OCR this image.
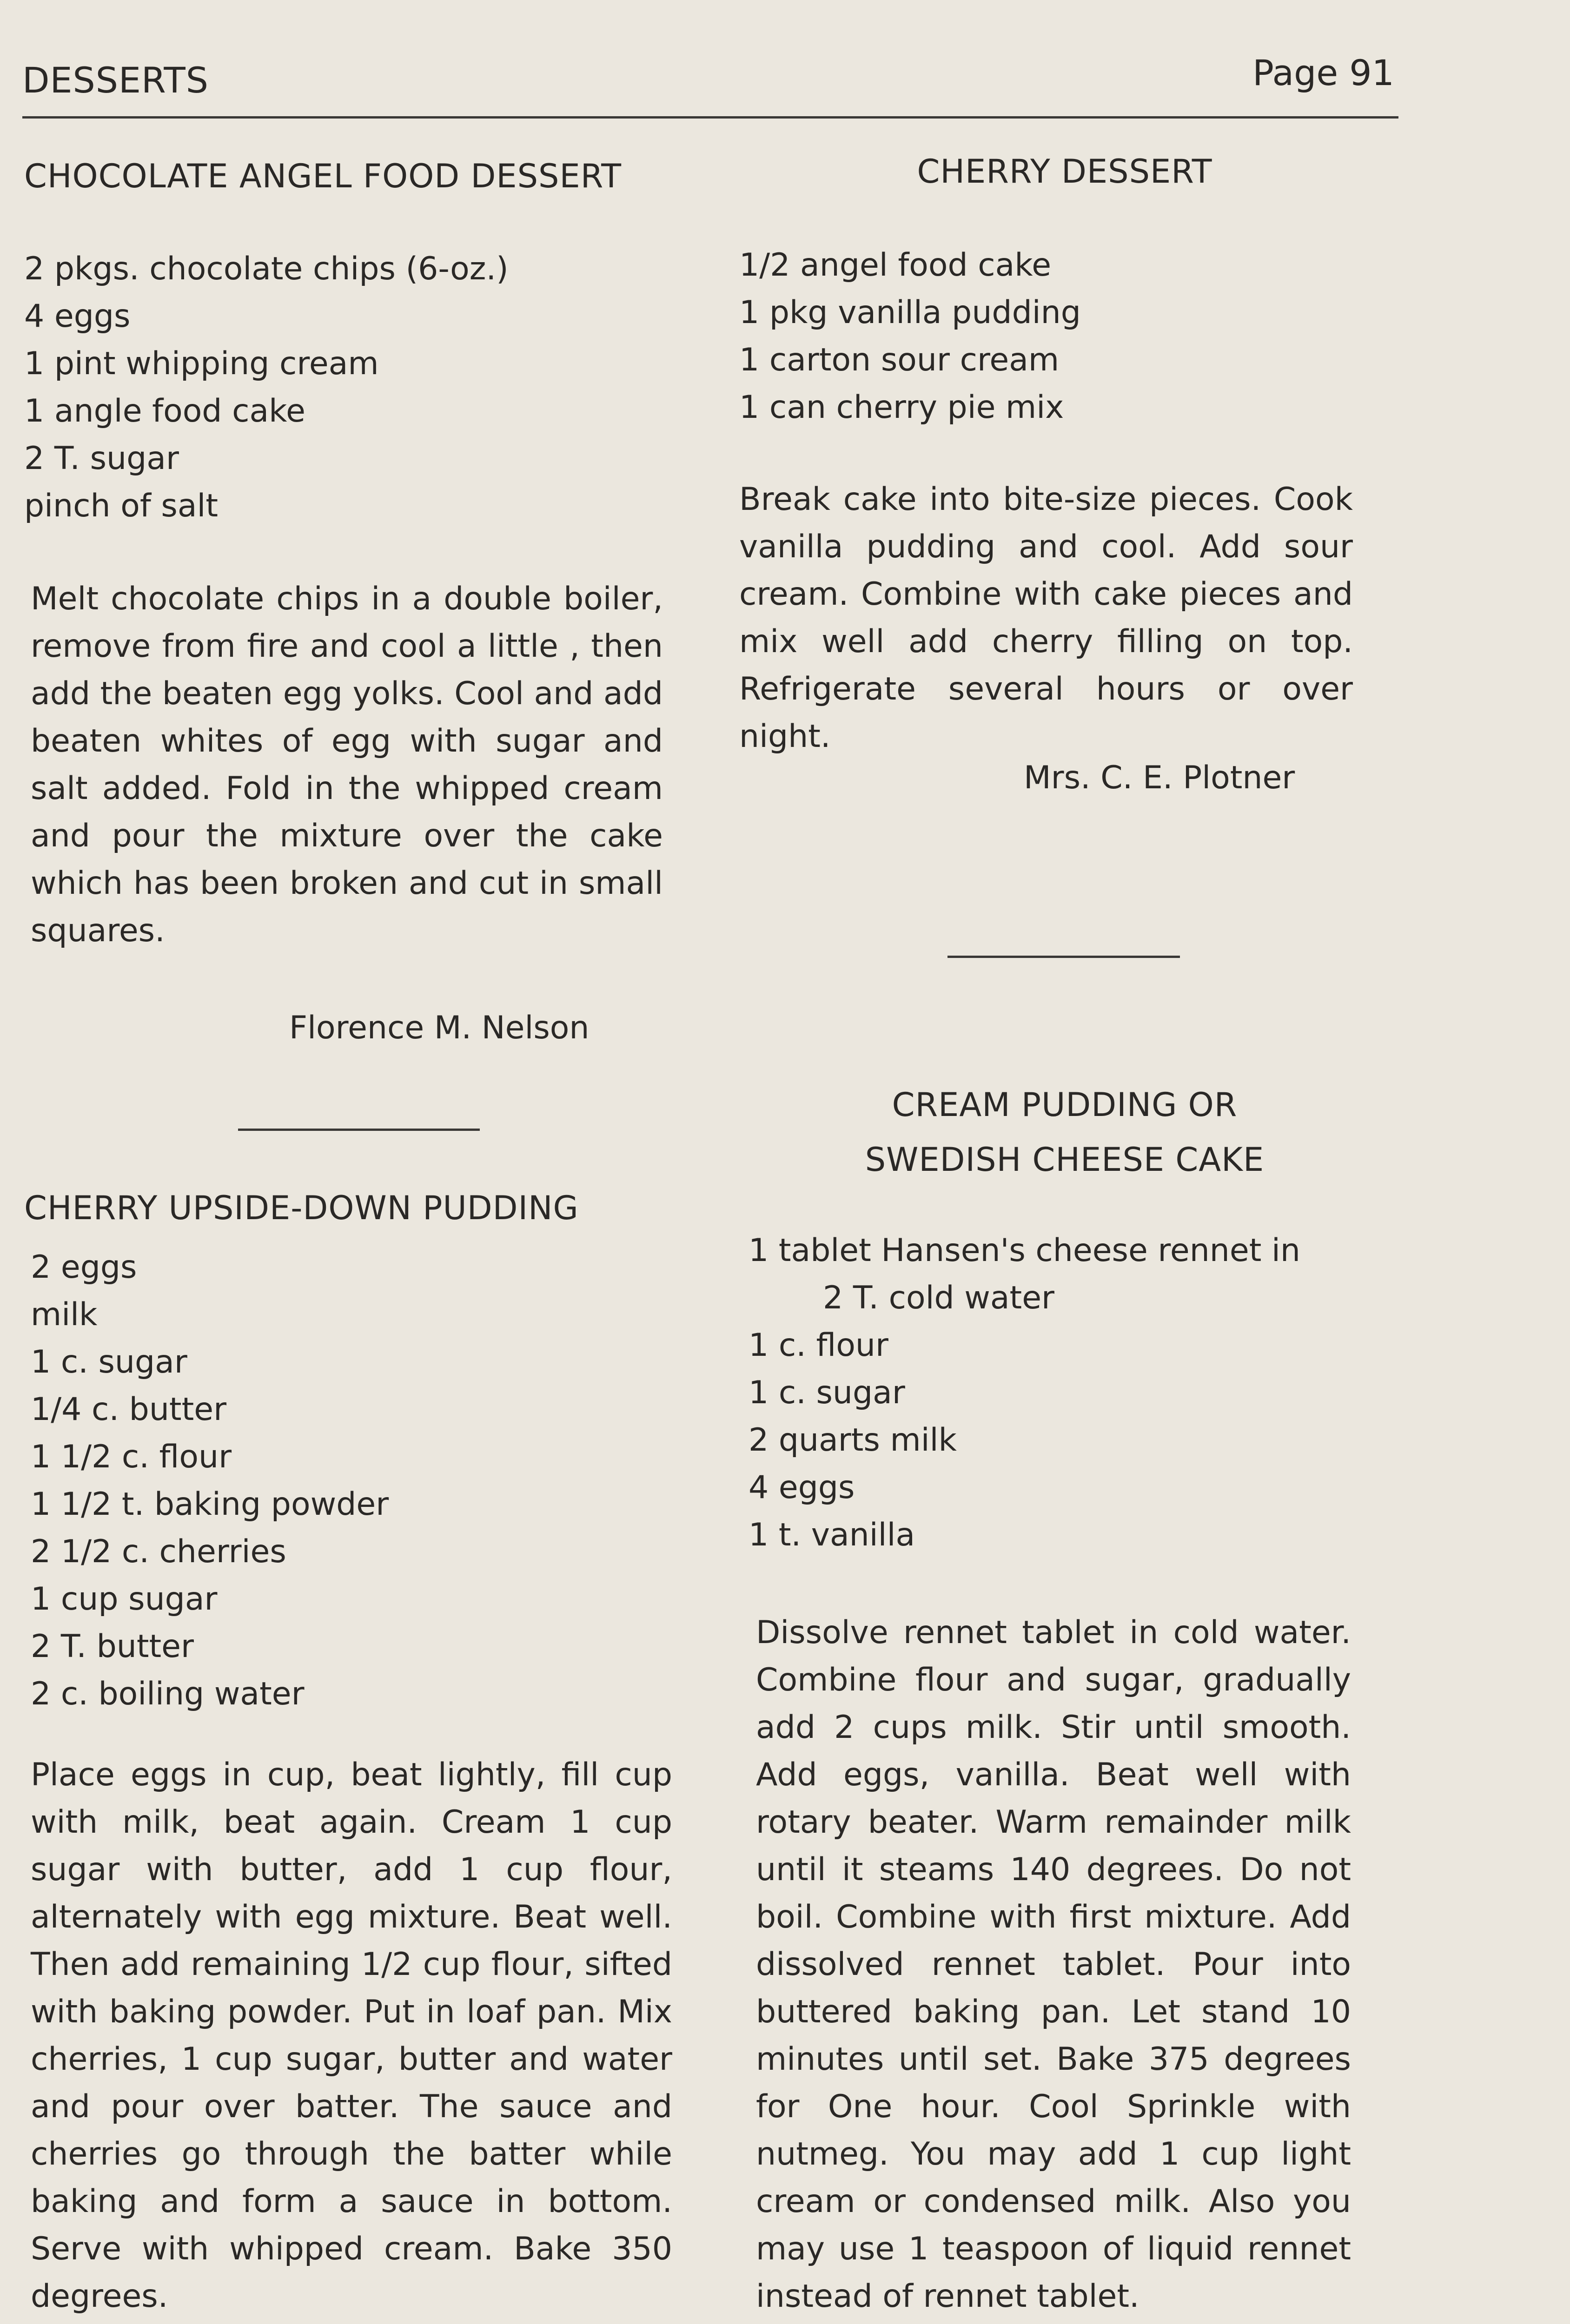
DESSERTS	Page 91
CHOCOLATE ANGEL FOOD DESSERT
2 pkgs. chocolate chips (6-oz.)
4 eggs
1 pint whipping cream
1 angle food cake
2 T. sugar
pinch of salt

Melt chocolate chips in a double boiler, remove from fire and cool a little , then add the beaten egg yolks. Cool and add beaten whites of egg with sugar and salt added. Fold in the whipped cream and pour the mixture over the cake which has been broken and cut in small squares.

Florence M. Nelson
CHERRY UPSIDE-DOWN PUDDING
2 eggs
milk
1 c. sugar
1/4 c. butter
1 1/2 c. flour
1 1/2 t. baking powder
2 1/2 c. cherries
1 cup sugar
2 T. butter
2 c. boiling water

Place eggs in cup, beat lightly, fill cup with milk, beat again. Cream 1 cup sugar with butter, add 1 cup flour, alternately with egg mixture. Beat well. Then add remaining 1/2 cup flour, sifted with baking powder. Put in loaf pan. Mix cherries, 1 cup sugar, butter and water and pour over batter. The sauce and cherries go through the batter while baking and form a sauce in bottom. Serve with whipped cream. Bake 350 degrees.

CHERRY DESSERT
1/2 angel food cake
1 pkg vanilla pudding
1 carton sour cream
1 can cherry pie mix

Break cake into bite-size pieces. Cook vanilla pudding and cool. Add sour cream. Combine with cake pieces and mix well add cherry filling on top. Refrigerate several hours or over night.

Mrs. C. E. Plotner
CREAM PUDDING OR
SWEDISH CHEESE CAKE
1 tablet Hansen's cheese rennet in
2 T. cold water
1 c. flour
1 c. sugar
2 quarts milk
4 eggs
1 t. vanilla

Dissolve rennet tablet in cold water. Combine flour and sugar, gradually add 2 cups milk. Stir until smooth. Add eggs, vanilla. Beat well with rotary beater. Warm remainder milk until it steams 140 degrees. Do not boil. Combine with first mixture. Add dissolved rennet tablet. Pour into buttered baking pan. Let stand 10 minutes until set. Bake 375 degrees for One hour. Cool Sprinkle with nutmeg. You may add 1 cup light cream or condensed milk. Also you may use 1 teaspoon of liquid rennet instead of rennet tablet.
